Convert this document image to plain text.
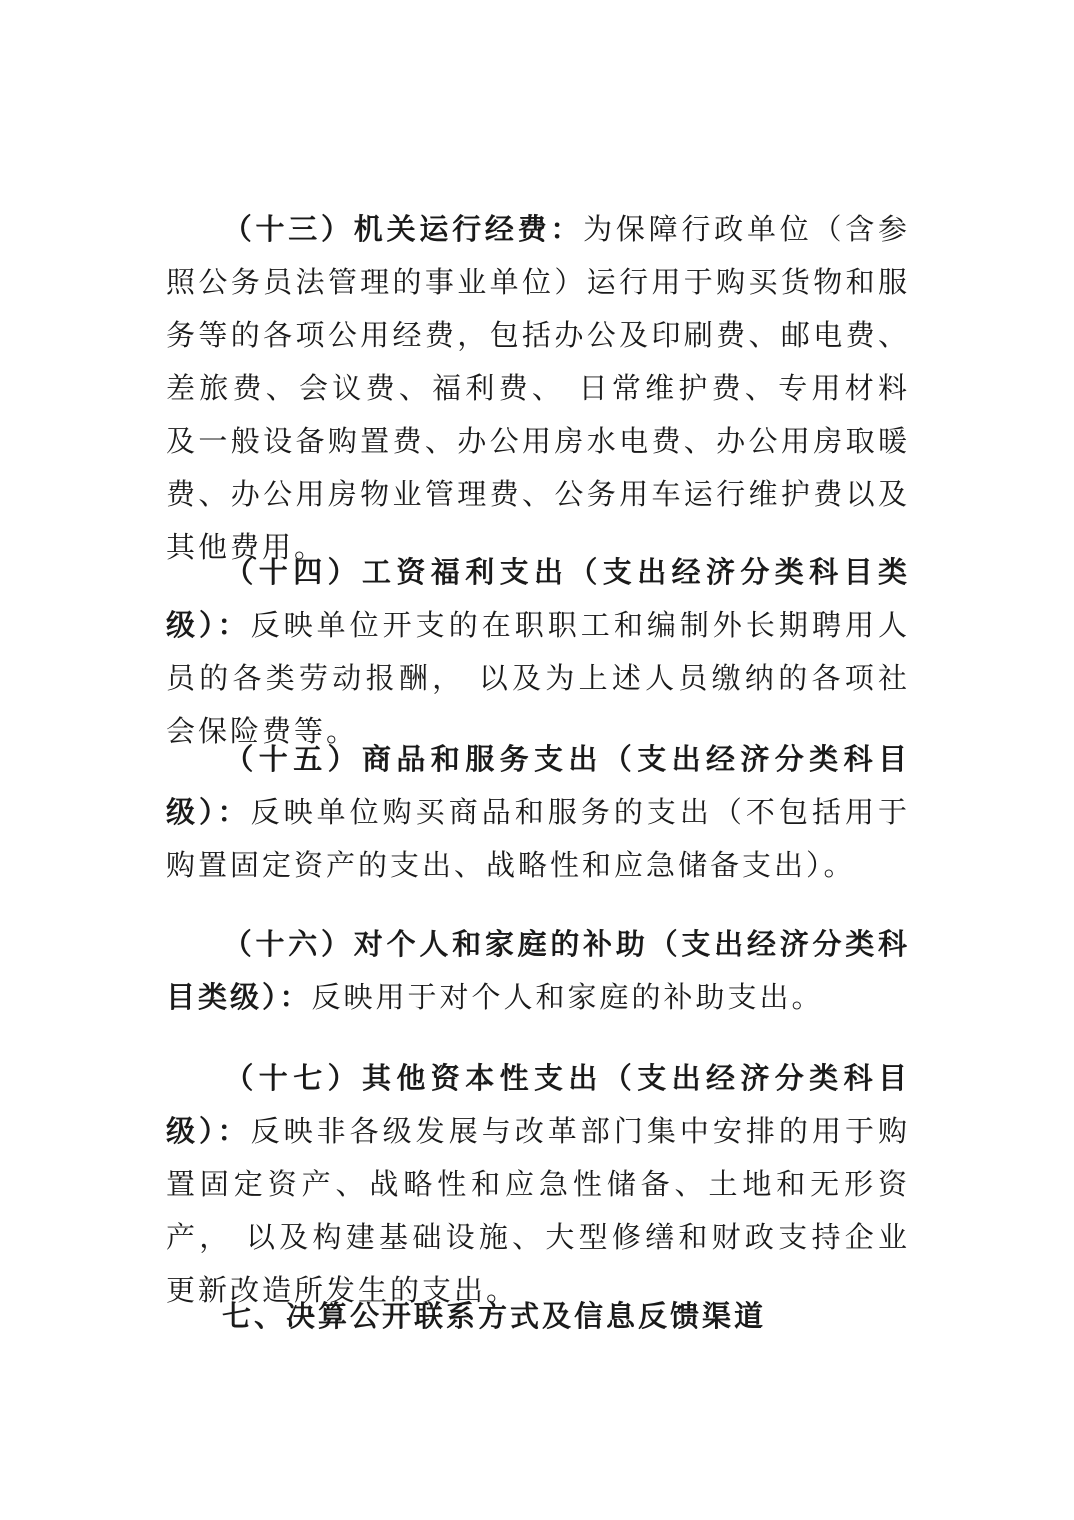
（十三）机关运行经费：为保障行政单位（含参照公务员法管理的事业单位）运行用于购买货物和服务等的各项公用经费，包括办公及印刷费、邮电费、差旅费、会议费、福利费、 日常维护费、专用材料及一般设备购置费、办公用房水电费、办公用房取暖费、办公用房物业管理费、公务用车运行维护费以及其他费用。

（十四）工资福利支出（支出经济分类科目类级）：反映单位开支的在职职工和编制外长期聘用人员的各类劳动报酬， 以及为上述人员缴纳的各项社会保险费等。

（十五）商品和服务支出（支出经济分类科目级）：反映单位购买商品和服务的支出（不包括用于购置固定资产的支出、战略性和应急储备支出）。

（十六）对个人和家庭的补助（支出经济分类科 目类级）：反映用于对个人和家庭的补助支出。

（十七）其他资本性支出（支出经济分类科目级）：反映非各级发展与改革部门集中安排的用于购置固定资产、战略性和应急性储备、土地和无形资产， 以及构建基础设施、大型修缮和财政支持企业更新改造所发生的支出。

七、决算公开联系方式及信息反馈渠道
